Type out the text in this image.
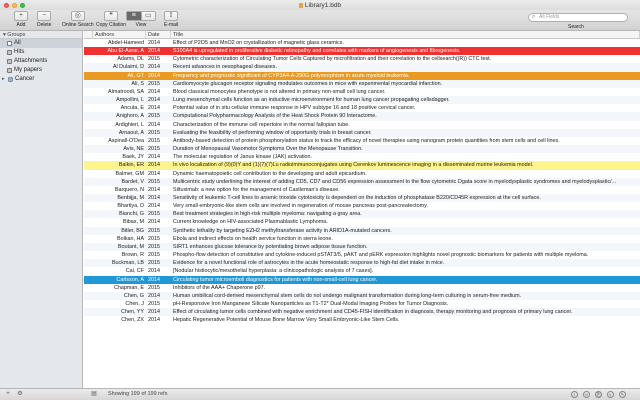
Library1.bdb
+
Add
−
Delete
◎
Online Search
❝
Copy Citation
≡	▭
View
⇧
E-mail
⌕ All Fields
Search
▾ Groups
All
Hits
Attachments
My papers
▸ Cancer
Authors	Date	Title
Abdel-Hameed 2014	Effect of P2O5 and MnO2 on crystallization of magnetic glass ceramics.
Abu El-Asrar, A 2014	S100A4 is upregulated in proliferative diabetic retinopathy and correlates with markers of angiogenesis and fibrogenesis.
Adams, DL 2015	Cytometric characterization of Circulating Tumor Cells Captured by microfiltration and their correlation to the cellsearch((R)) CTC test.
Al Dulaimi, D 2014	Recent advances in oesophageal diseases.
Ali, GT 2014	Frequency and prognostic significant of CYP3A4-A-290G polymorphism in acute myeloid leukemia.
Ali, S 2015	Cardiomyocyte glucagon receptor signaling modulates outcomes in mice with experimental myocardial infarction.
Almatroodi, SA 2014	Blood classical monocytes phenotype is not altered in primary non-small cell lung cancer.
Ampollini, L 2014	Lung mesenchymal cells function as an inductive microenvironment for human lung cancer propagating cellsdagger.
Ancuta, E 2014	Potential value of in situ cellular immune response in HPV subtype 16 and 18 positive cervical cancer.
Anighoro, A 2015	Computational Polypharmacology Analysis of the Heat Shock Protein 90 Interactome.
Ardighieri, L 2014	Characterization of the immune cell repertoire in the normal fallopian tube.
Arnaout, A 2015	Evaluating the feasibility of performing window of opportunity trials in breast cancer.
Aspinall-O'Dea 2015	Antibody-based detection of protein phosphorylation status to track the efficacy of novel therapies using nanogram protein quantities from stem cells and cell lines.
Avis, NE 2015	Duration of Menopausal Vasomotor Symptoms Over the Menopause Transition.
Baek, JY 2014	The molecular regulation of Janus kinase (JAK) activation.
Balkin, ER 2014	In vivo localization of (9)(0)Y and (1)(7)(7)Lu radioimmunoconjugates using Cerenkov luminescence imaging in a disseminated murine leukemia model.
Balmer, GM 2014	Dynamic haematopoietic cell contribution to the developing and adult epicardium.
Bardet, V 2015	Multicentric study underlining the interest of adding CD5, CD7 and CD56 expression assessment to the flow cytometric Ogata score in myelodysplastic syndromes and myelodysplastic/...
Barquero, N 2014	Siltuximab: a new option for the management of Castleman's disease.
Benbijja, M 2014	Sensitivity of leukemic T-cell lines to arsenic trioxide cytotoxicity is dependent on the induction of phosphatase B220/CD45R expression at the cell surface.
Bhartiya, D 2014	Very small embryonic-like stem cells are involved in regeneration of mouse pancreas post-pancreatectomy.
Bianchi, G 2015	Best treatment strategies in high-risk multiple myeloma: navigating a gray area.
Bibas, M 2014	Current knowledge on HIV-associated Plasmablastic Lymphoma.
Bitler, BG 2015	Synthetic lethality by targeting EZH2 methyltransferase activity in ARID1A-mutated cancers.
Bolkan, HA 2015	Ebola and indirect effects on health service function in sierra leone.
Boutant, M 2015	SIRT1 enhances glucose tolerance by potentiating brown adipose tissue function.
Brown, R 2015	Phospho-flow detection of constitutive and cytokine-induced pSTAT3/5, pAKT and pERK expression highlights novel prognostic biomarkers for patients with multiple myeloma.
Buckman, LB 2015	Evidence for a novel functional role of astrocytes in the acute homeostatic response to high-fat diet intake in mice.
Cai, CF 2014	[Nodular histiocytic/mesothelial hyperplasia: a clinicopathologic analysis of 7 cases].
Carlsson, A 2014	Circulating tumor microemboli diagnostics for patients with non-small-cell lung cancer.
Chapman, E 2015	Inhibitors of the AAA+ Chaperone p97.
Chen, G 2014	Human umbilical cord-derived mesenchymal stem cells do not undergo malignant transformation during long-term culturing in serum-free medium.
Chen, J 2015	pH-Responsive Iron Manganese Silicate Nanoparticles as T1-T2* Dual-Modal Imaging Probes for Tumor Diagnosis.
Chen, YY 2014	Effect of circulating tumor cells combined with negative enrichment and CD45-FISH identification in diagnosis, therapy monitoring and prognosis of primary lung cancer.
Chen, ZX 2014	Hepatic Regenerative Potential of Mouse Bone Marrow Very Small Embryonic-Like Stem Cells.
+	⚙	▤ Showing 199 of 199 refs	i	∞	⎘	◐	✎
http://www.pc6.com
